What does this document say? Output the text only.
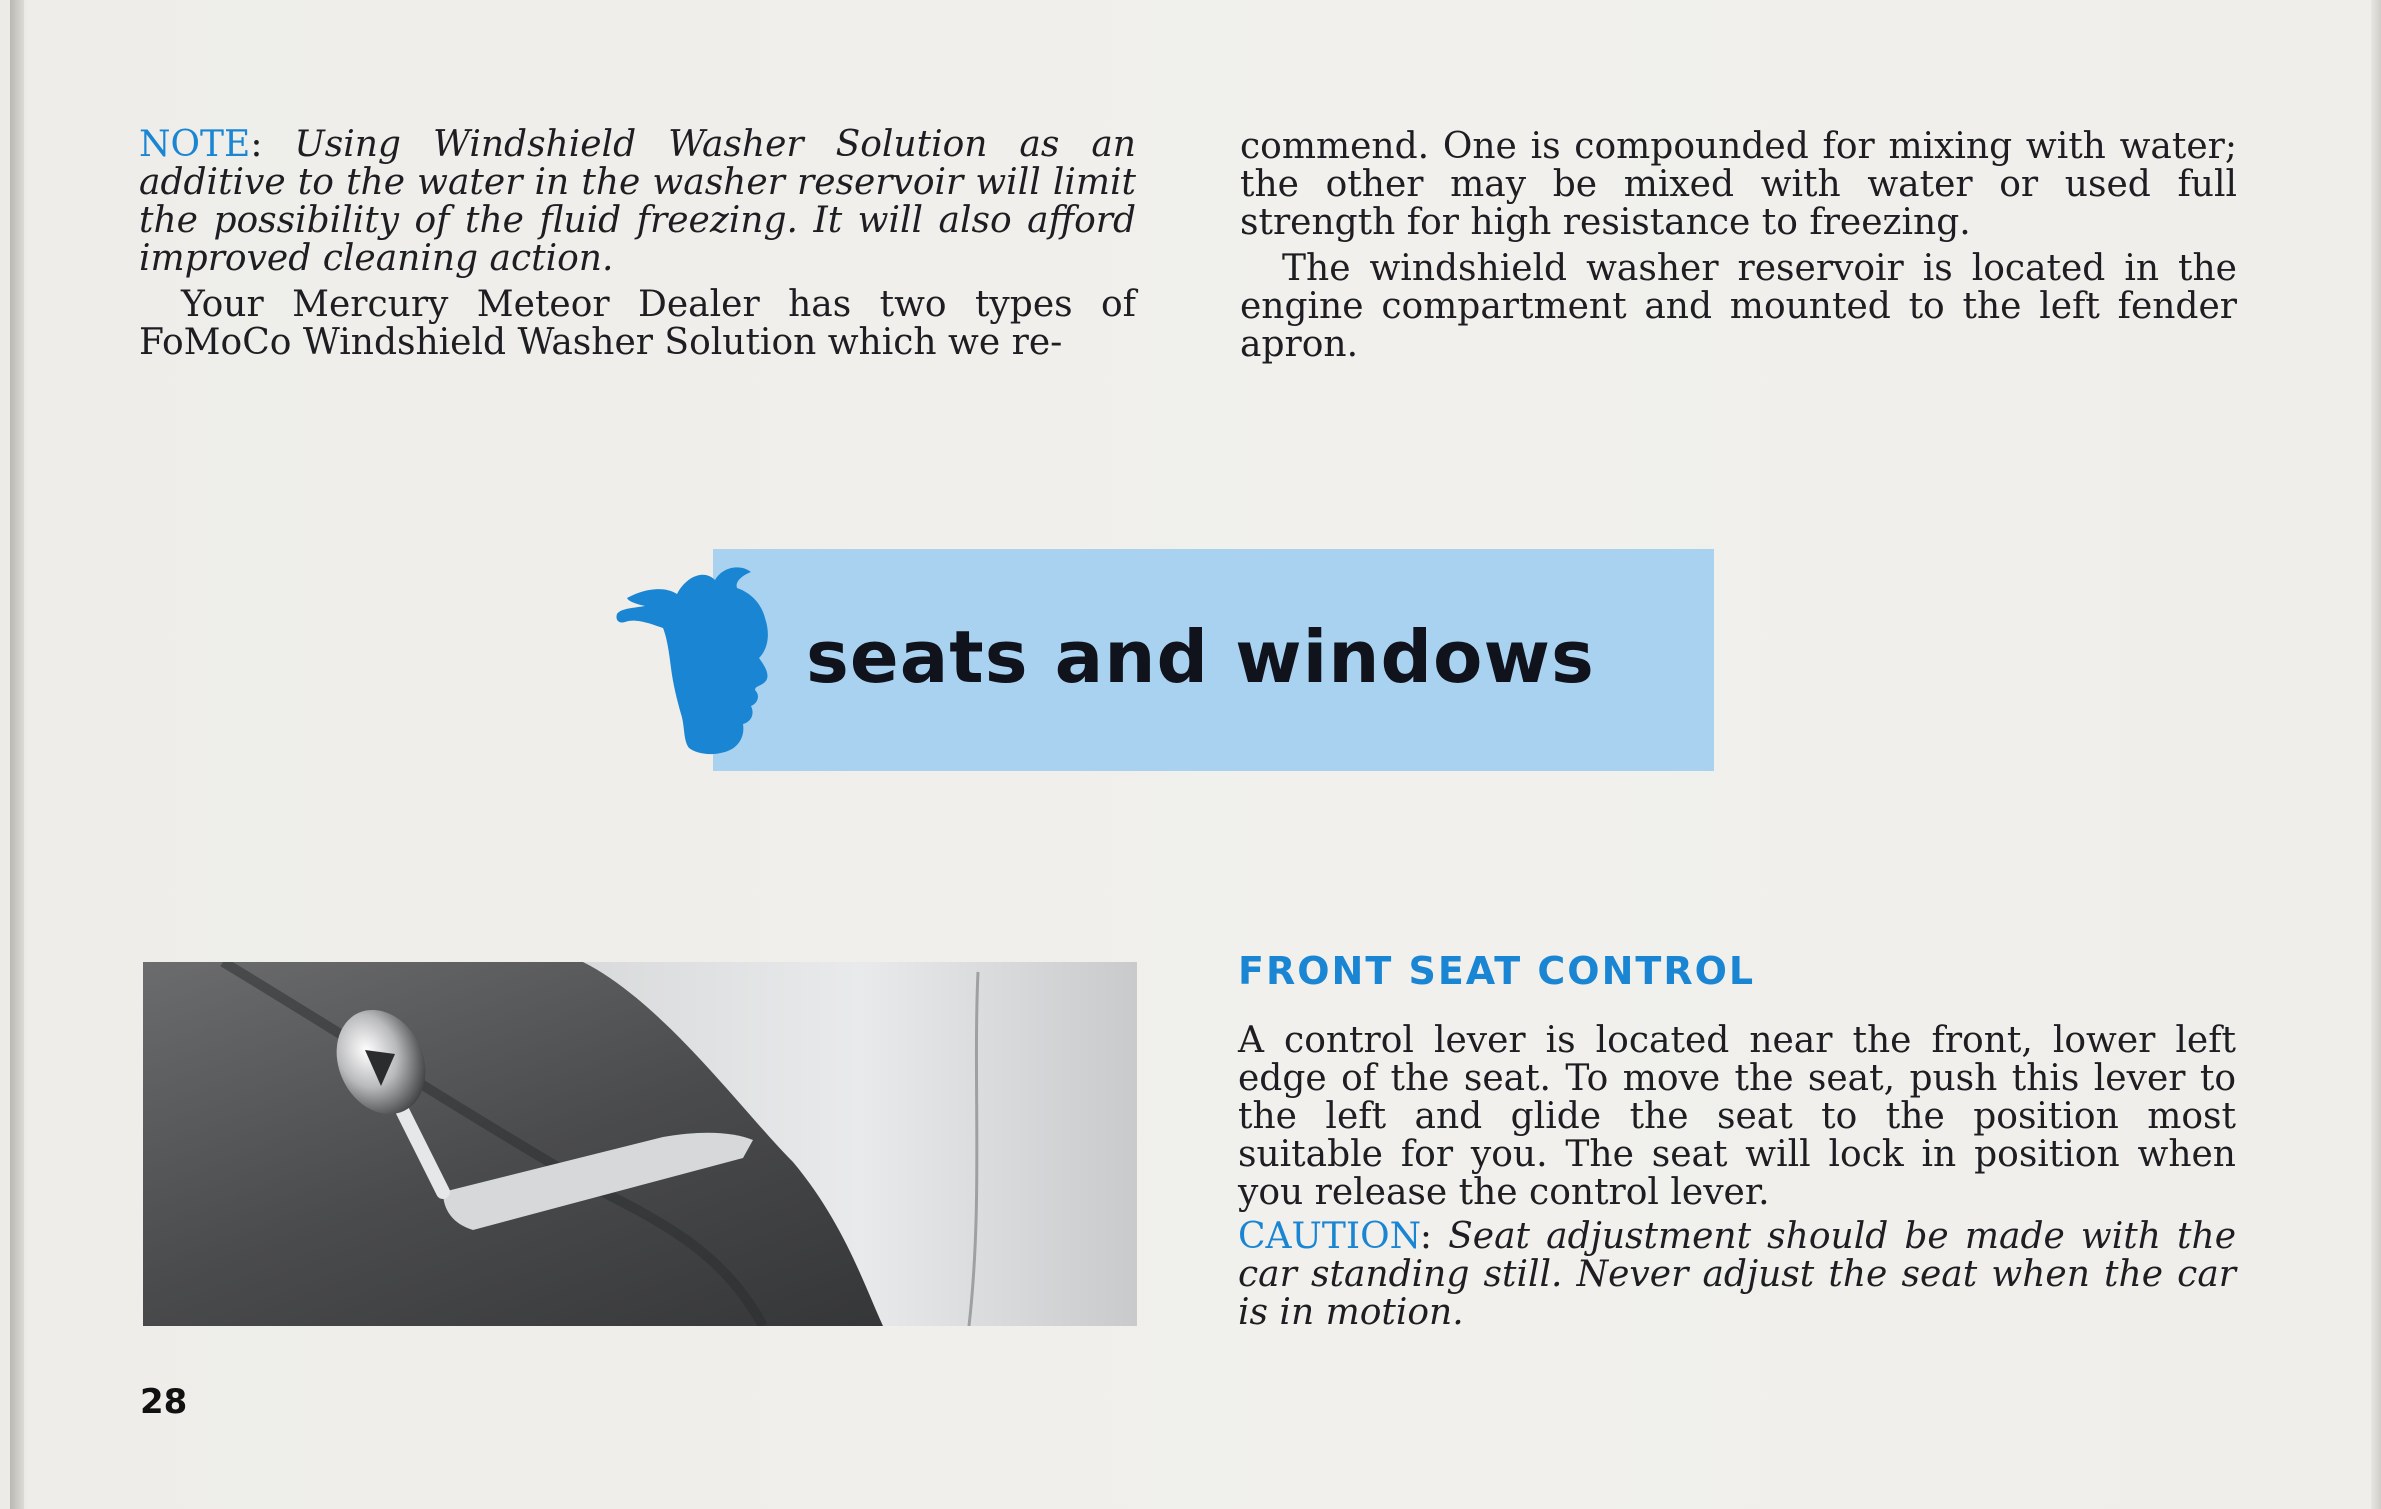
NOTE: Using Windshield Washer Solution as an additive to the water in the washer reservoir will limit the possibility of the fluid freezing. It will also afford improved cleaning action.

Your Mercury Meteor Dealer has two types of FoMoCo Windshield Washer Solution which we re-

commend. One is compounded for mixing with water; the other may be mixed with water or used full strength for high resistance to freezing.

The windshield washer reservoir is located in the engine compartment and mounted to the left fender apron.

seats and windows
FRONT SEAT CONTROL

A control lever is located near the front, lower left edge of the seat. To move the seat, push this lever to the left and glide the seat to the position most suitable for you. The seat will lock in position when you release the control lever.

CAUTION: Seat adjustment should be made with the car standing still. Never adjust the seat when the car is in motion.

28
